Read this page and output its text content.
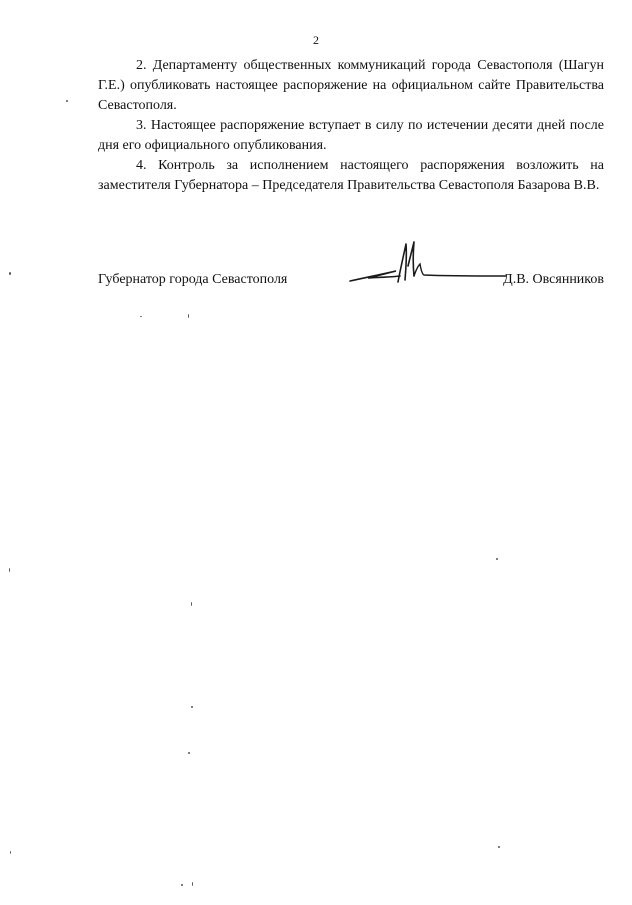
2

2. Департаменту общественных коммуникаций города Севастополя (Шагун Г.Е.) опубликовать настоящее распоряжение на официальном сайте Правительства Севастополя.

3. Настоящее распоряжение вступает в силу по истечении десяти дней после дня его официального опубликования.

4. Контроль за исполнением настоящего распоряжения возложить на заместителя Губернатора – Председателя Правительства Севастополя Базарова В.В.

Губернатор города Севастополя	Д.В. Овсянников
